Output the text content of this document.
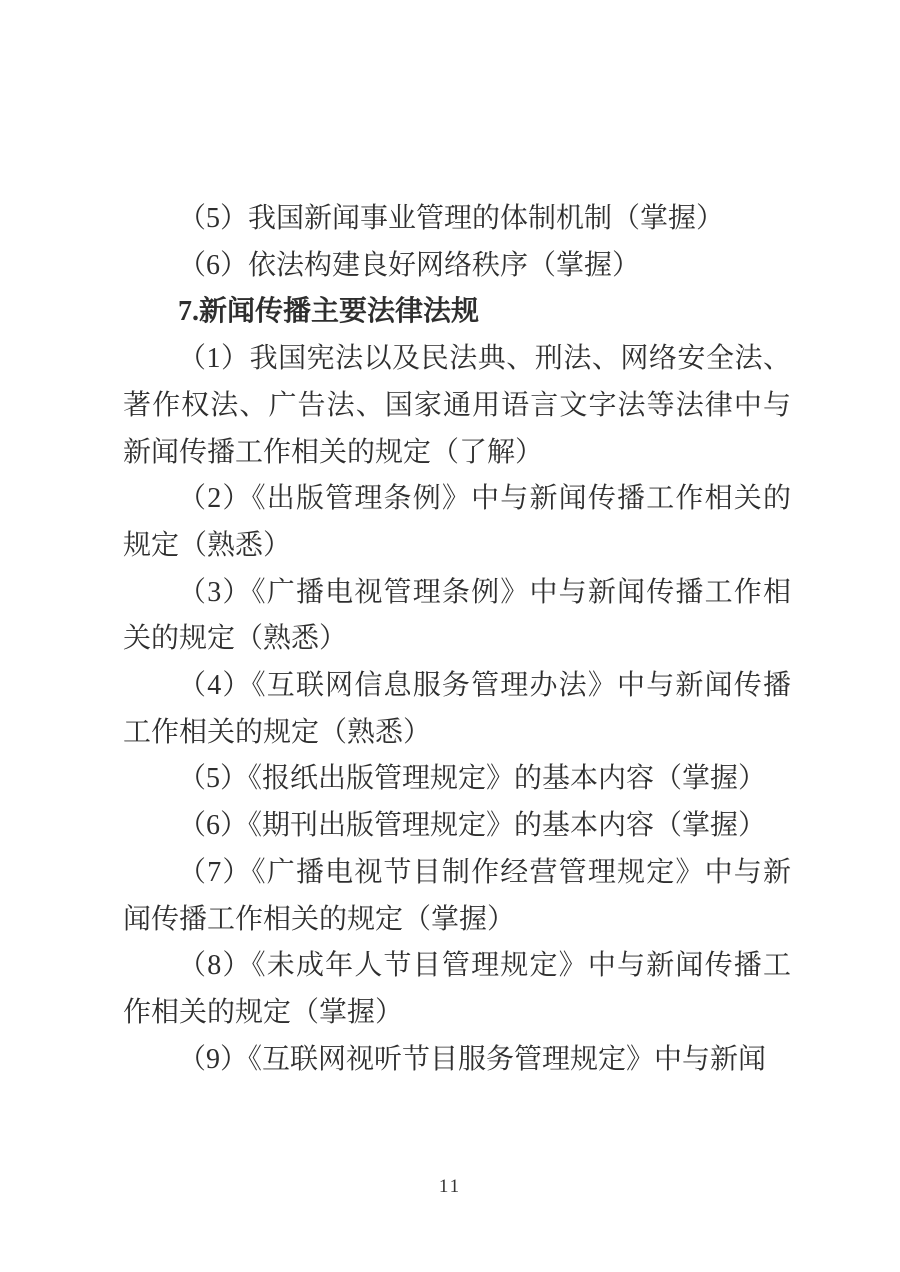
（5）我国新闻事业管理的体制机制（掌握）
（6）依法构建良好网络秩序（掌握）
7.新闻传播主要法律法规
（1）我国宪法以及民法典、刑法、网络安全法、
著作权法、广告法、国家通用语言文字法等法律中与
新闻传播工作相关的规定（了解）
（2）《出版管理条例》中与新闻传播工作相关的
规定（熟悉）
（3）《广播电视管理条例》中与新闻传播工作相
关的规定（熟悉）
（4）《互联网信息服务管理办法》中与新闻传播
工作相关的规定（熟悉）
（5）《报纸出版管理规定》的基本内容（掌握）
（6）《期刊出版管理规定》的基本内容（掌握）
（7）《广播电视节目制作经营管理规定》中与新
闻传播工作相关的规定（掌握）
（8）《未成年人节目管理规定》中与新闻传播工
作相关的规定（掌握）
（9）《互联网视听节目服务管理规定》中与新闻
11
